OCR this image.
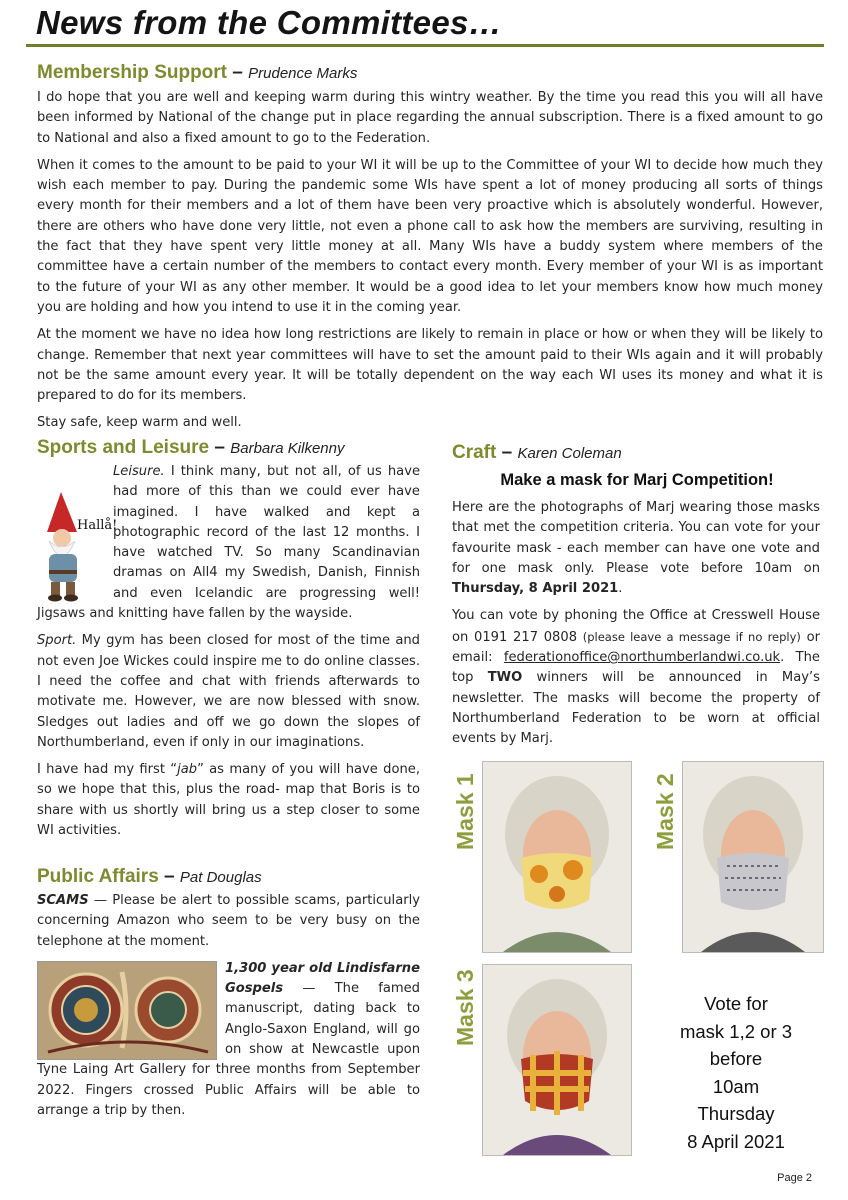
News from the Committees…
Membership Support – Prudence Marks

I do hope that you are well and keeping warm during this wintry weather. By the time you read this you will all have been informed by National of the change put in place regarding the annual subscription. There is a fixed amount to go to National and also a fixed amount to go to the Federation.

When it comes to the amount to be paid to your WI it will be up to the Committee of your WI to decide how much they wish each member to pay. During the pandemic some WIs have spent a lot of money producing all sorts of things every month for their members and a lot of them have been very proactive which is absolutely wonderful. However, there are others who have done very little, not even a phone call to ask how the members are surviving, resulting in the fact that they have spent very little money at all. Many WIs have a buddy system where members of the committee have a certain number of the members to contact every month. Every member of your WI is as important to the future of your WI as any other member. It would be a good idea to let your members know how much money you are holding and how you intend to use it in the coming year.

At the moment we have no idea how long restrictions are likely to remain in place or how or when they will be likely to change. Remember that next year committees will have to set the amount paid to their WIs again and it will probably not be the same amount every year. It will be totally dependent on the way each WI uses its money and what it is prepared to do for its members.

Stay safe, keep warm and well.

Sports and Leisure – Barbara Kilkenny
Hallå!

Leisure. I think many, but not all, of us have had more of this than we could ever have imagined. I have walked and kept a photographic record of the last 12 months. I have watched TV. So many Scandinavian dramas on All4 my Swedish, Danish, Finnish and even Icelandic are progressing well! Jigsaws and knitting have fallen by the wayside.

Sport. My gym has been closed for most of the time and not even Joe Wickes could inspire me to do online classes. I need the coffee and chat with friends afterwards to motivate me. However, we are now blessed with snow. Sledges out ladies and off we go down the slopes of Northumberland, even if only in our imaginations.

I have had my first “jab” as many of you will have done, so we hope that this, plus the road- map that Boris is to share with us shortly will bring us a step closer to some WI activities.

Public Affairs – Pat Douglas

SCAMS — Please be alert to possible scams, particularly concerning Amazon who seem to be very busy on the telephone at the moment.

1,300 year old Lindisfarne Gospels — The famed manuscript, dating back to Anglo-Saxon England, will go on show at Newcastle upon Tyne Laing Art Gallery for three months from September 2022. Fingers crossed Public Affairs will be able to arrange a trip by then.

Craft – Karen Coleman
Make a mask for Marj Competition!

Here are the photographs of Marj wearing those masks that met the competition criteria. You can vote for your favourite mask - each member can have one vote and for one mask only. Please vote before 10am on Thursday, 8 April 2021.

You can vote by phoning the Office at Cresswell House on 0191 217 0808 (please leave a message if no reply) or email: federationoffice@northumberlandwi.co.uk. The top TWO winners will be announced in May’s newsletter. The masks will become the property of Northumberland Federation to be worn at official events by Marj.

Mask 1	Mask 2
Mask 3	Vote for
mask 1,2 or 3
before
10am
Thursday
8 April 2021
Page 2
